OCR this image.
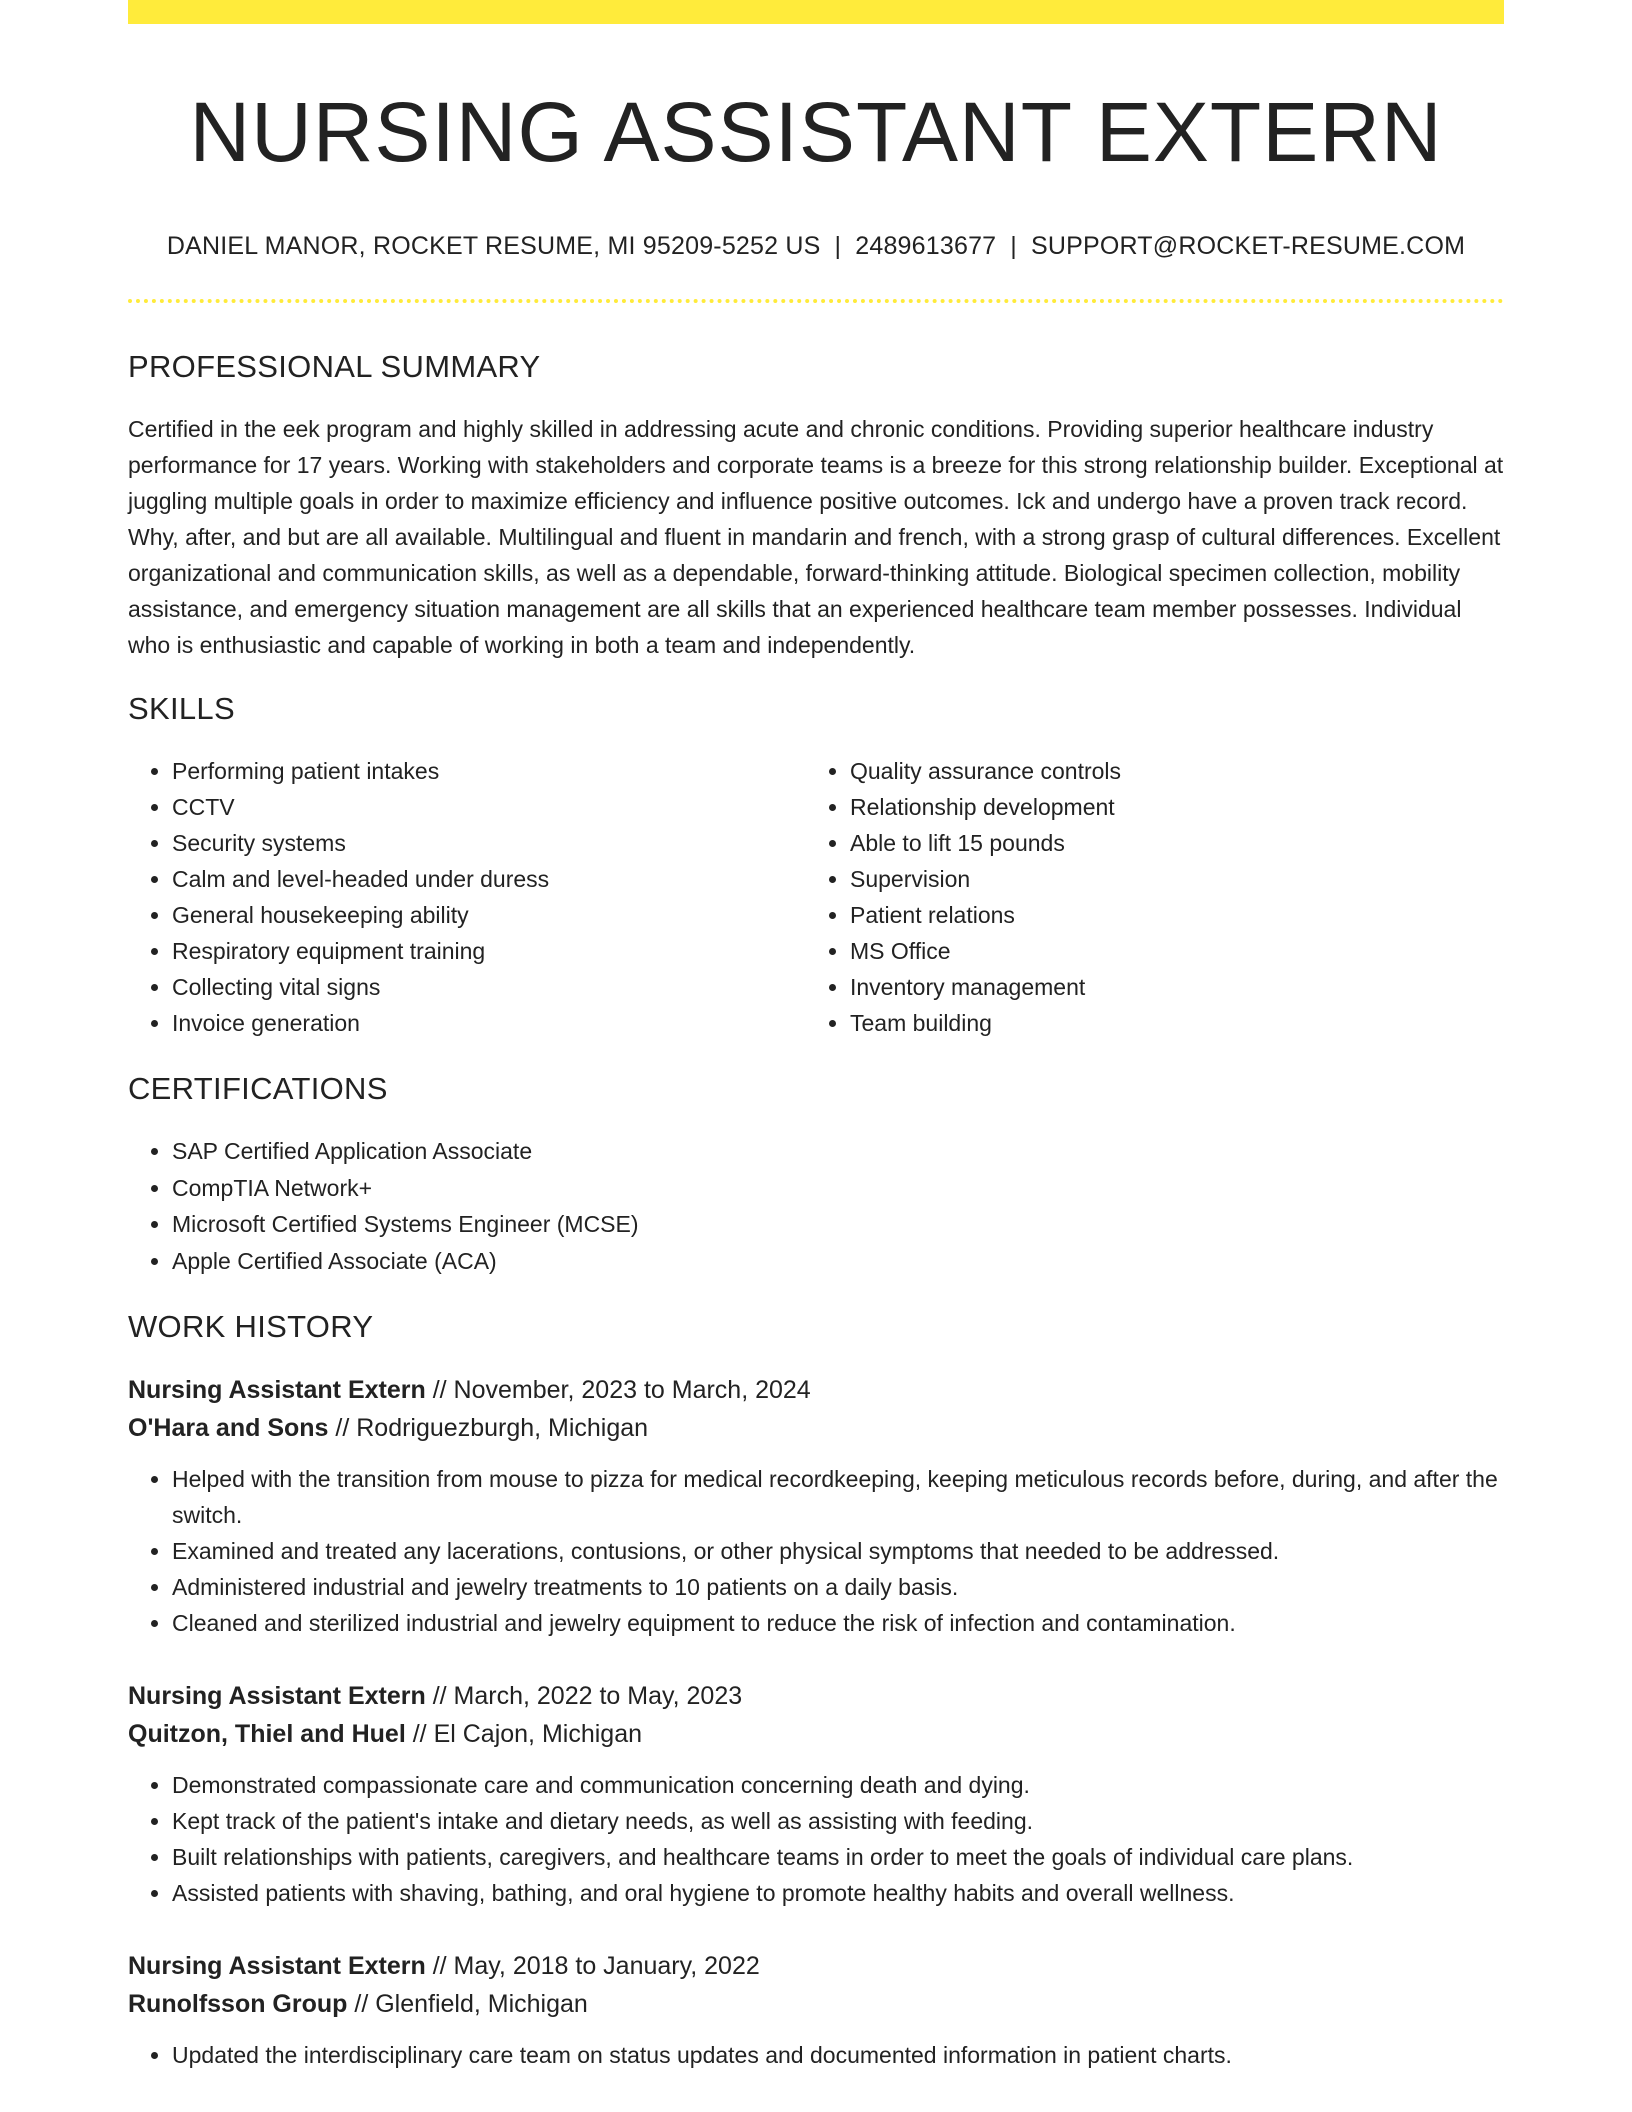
NURSING ASSISTANT EXTERN
DANIEL MANOR, ROCKET RESUME, MI 95209-5252 US | 2489613677 | SUPPORT@ROCKET-RESUME.COM
PROFESSIONAL SUMMARY
Certified in the eek program and highly skilled in addressing acute and chronic conditions. Providing superior healthcare industry performance for 17 years. Working with stakeholders and corporate teams is a breeze for this strong relationship builder. Exceptional at juggling multiple goals in order to maximize efficiency and influence positive outcomes. Ick and undergo have a proven track record. Why, after, and but are all available. Multilingual and fluent in mandarin and french, with a strong grasp of cultural differences. Excellent organizational and communication skills, as well as a dependable, forward-thinking attitude. Biological specimen collection, mobility assistance, and emergency situation management are all skills that an experienced healthcare team member possesses. Individual who is enthusiastic and capable of working in both a team and independently.
SKILLS
• Performing patient intakes
• CCTV
• Security systems
• Calm and level-headed under duress
• General housekeeping ability
• Respiratory equipment training
• Collecting vital signs
• Invoice generation
• Quality assurance controls
• Relationship development
• Able to lift 15 pounds
• Supervision
• Patient relations
• MS Office
• Inventory management
• Team building
CERTIFICATIONS
• SAP Certified Application Associate
• CompTIA Network+
• Microsoft Certified Systems Engineer (MCSE)
• Apple Certified Associate (ACA)
WORK HISTORY
Nursing Assistant Extern // November, 2023 to March, 2024
O'Hara and Sons // Rodriguezburgh, Michigan
• Helped with the transition from mouse to pizza for medical recordkeeping, keeping meticulous records before, during, and after the switch.
• Examined and treated any lacerations, contusions, or other physical symptoms that needed to be addressed.
• Administered industrial and jewelry treatments to 10 patients on a daily basis.
• Cleaned and sterilized industrial and jewelry equipment to reduce the risk of infection and contamination.
Nursing Assistant Extern // March, 2022 to May, 2023
Quitzon, Thiel and Huel // El Cajon, Michigan
• Demonstrated compassionate care and communication concerning death and dying.
• Kept track of the patient's intake and dietary needs, as well as assisting with feeding.
• Built relationships with patients, caregivers, and healthcare teams in order to meet the goals of individual care plans.
• Assisted patients with shaving, bathing, and oral hygiene to promote healthy habits and overall wellness.
Nursing Assistant Extern // May, 2018 to January, 2022
Runolfsson Group // Glenfield, Michigan
• Updated the interdisciplinary care team on status updates and documented information in patient charts.
